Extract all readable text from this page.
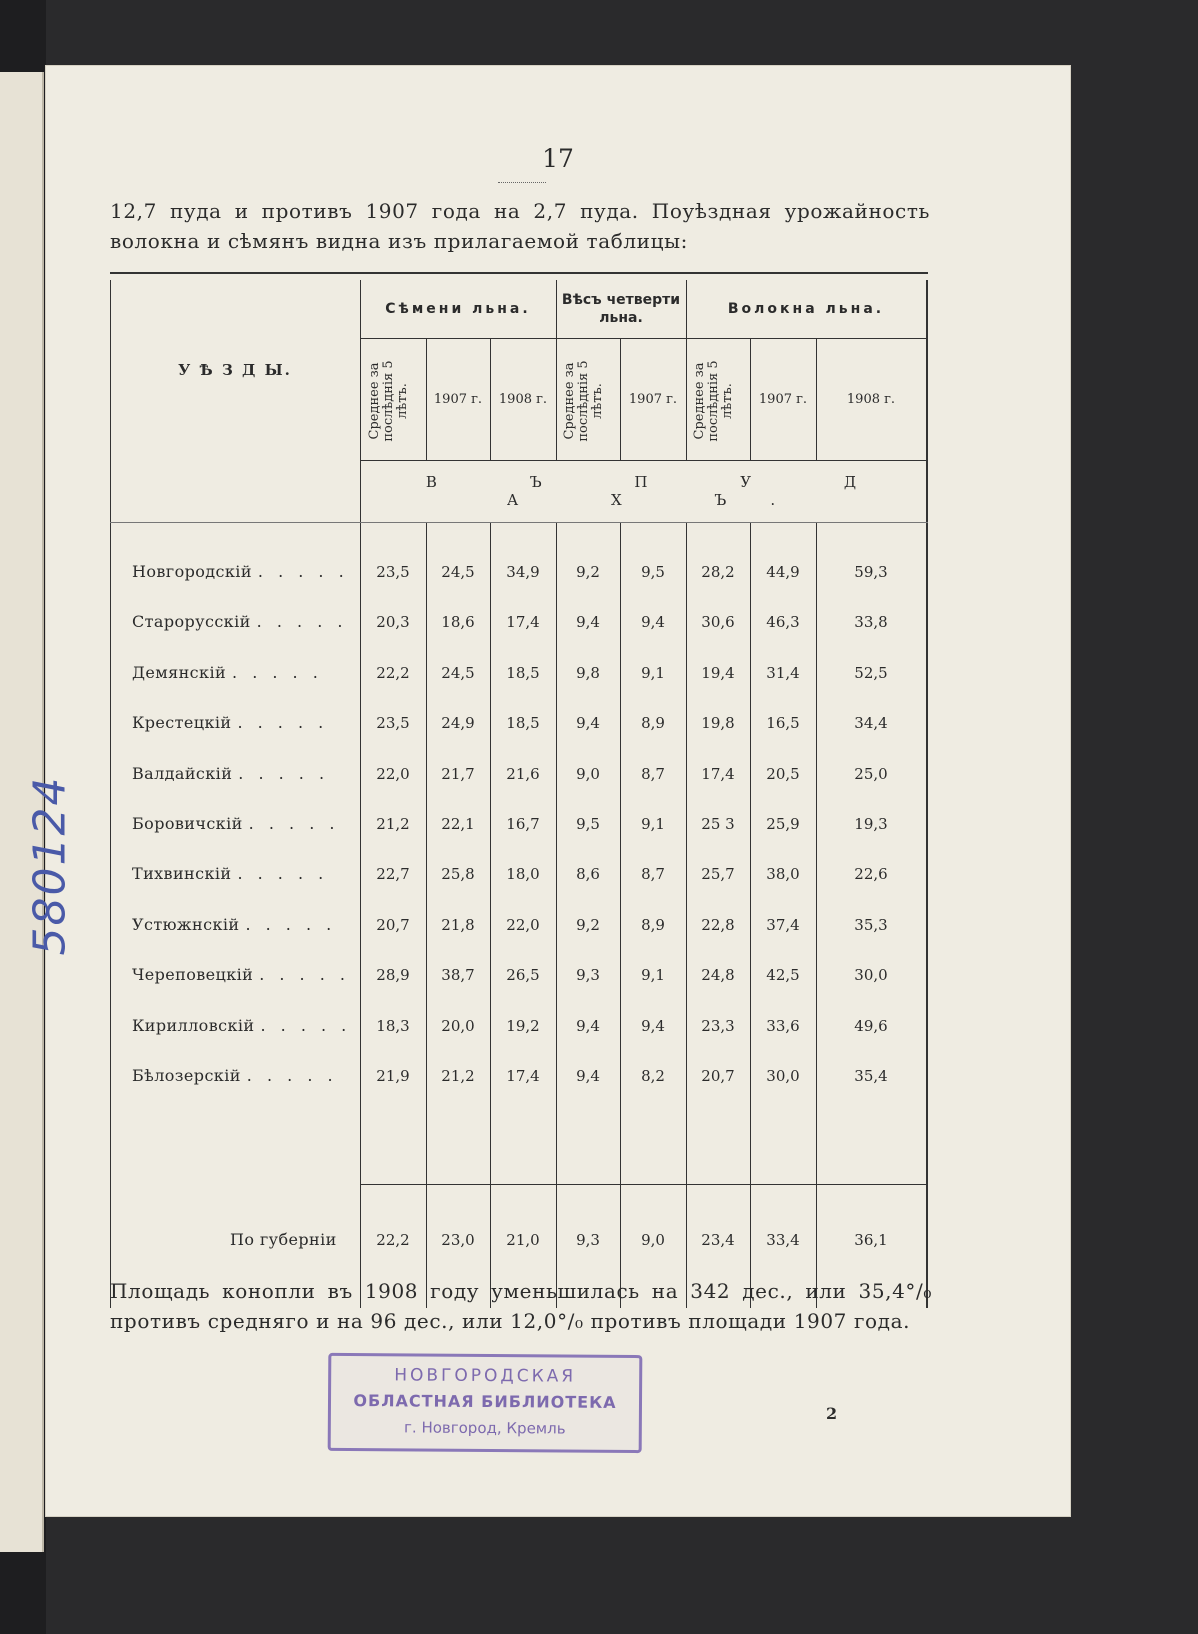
17
12,7 пуда и противъ 1907 года на 2,7 пуда. Поуѣздная урожайность волокна и сѣмянъ видна изъ прилагаемой таблицы:
У Ѣ З Д Ы.
Сѣмени льна.
Вѣсъ четверти льна.
Волокна льна.
Среднее за послѣднія 5 лѣтъ.	1907 г.	1908 г.	Среднее за послѣднія 5 лѣтъ.	1907 г.	Среднее за послѣднія 5 лѣтъ.	1907 г.	1908 г.
В Ъ П У Д А Х Ъ.
Новгородскій . . . . .	23,5	24,5	34,9	9,2	9,5	28,2	44,9	59,3
Старорусскій . . . . .	20,3	18,6	17,4	9,4	9,4	30,6	46,3	33,8
Демянскій . . . . .	22,2	24,5	18,5	9,8	9,1	19,4	31,4	52,5
Крестецкій . . . . .	23,5	24,9	18,5	9,4	8,9	19,8	16,5	34,4
Валдайскій . . . . .	22,0	21,7	21,6	9,0	8,7	17,4	20,5	25,0
Боровичскій . . . . .	21,2	22,1	16,7	9,5	9,1	25 3	25,9	19,3
Тихвинскій . . . . .	22,7	25,8	18,0	8,6	8,7	25,7	38,0	22,6
Устюжнскій . . . . .	20,7	21,8	22,0	9,2	8,9	22,8	37,4	35,3
Череповецкій . . . . .	28,9	38,7	26,5	9,3	9,1	24,8	42,5	30,0
Кирилловскій . . . . .	18,3	20,0	19,2	9,4	9,4	23,3	33,6	49,6
Бѣлозерскій . . . . .	21,9	21,2	17,4	9,4	8,2	20,7	30,0	35,4
По губерніи	22,2	23,0	21,0	9,3	9,0	23,4	33,4	36,1
Площадь конопли въ 1908 году уменьшилась на 342 дес., или 35,4°/₀ противъ средняго и на 96 дес., или 12,0°/₀ противъ площади 1907 года.
2
НОВГОРОДСКАЯ
ОБЛАСТНАЯ БИБЛИОТЕКА
г. Новгород, Кремль
580124
